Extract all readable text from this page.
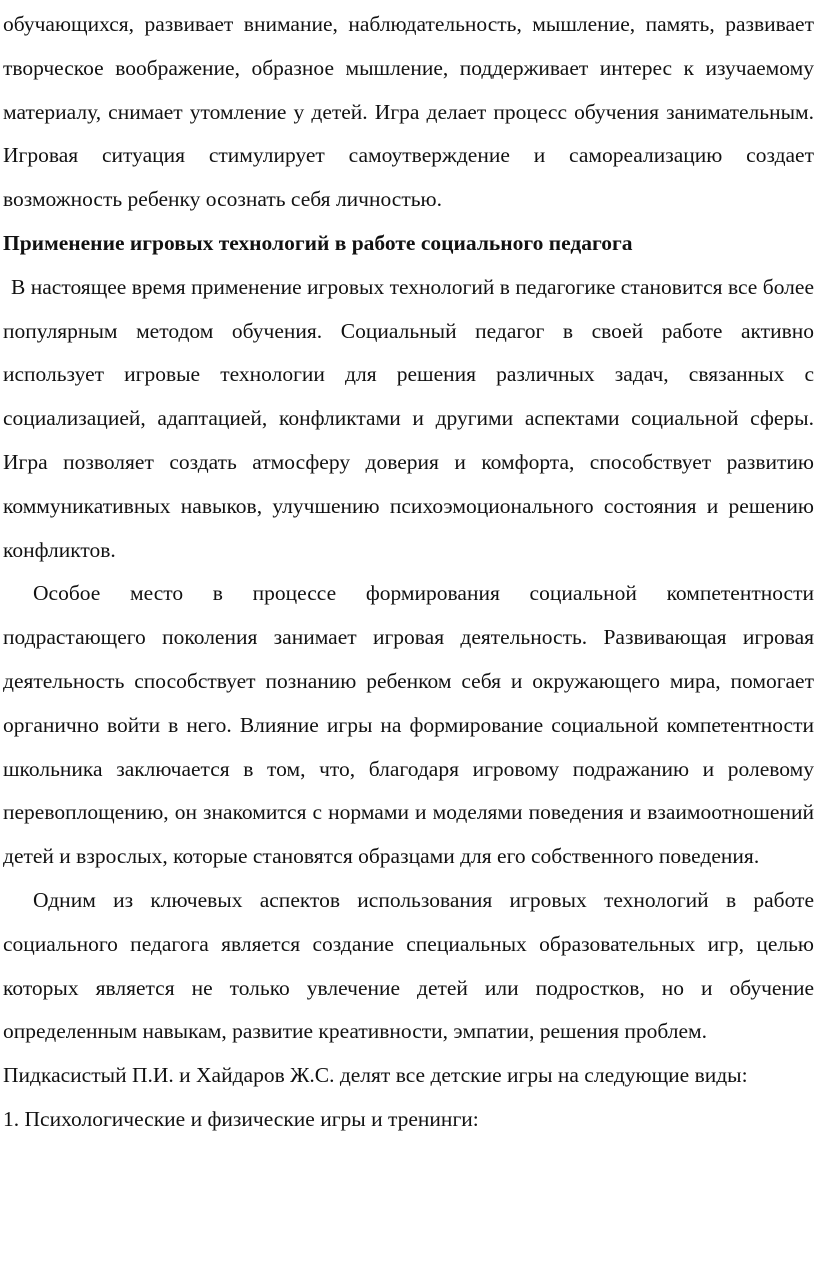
обучающихся, развивает внимание, наблюдательность, мышление, память, развивает творческое воображение, образное мышление, поддерживает интерес к изучаемому материалу, снимает утомление у детей. Игра делает процесс обучения занимательным. Игровая ситуация стимулирует самоутверждение и самореализацию создает возможность ребенку осознать себя личностью.

Применение игровых технологий в работе социального педагога

В настоящее время применение игровых технологий в педагогике становится все более популярным методом обучения. Социальный педагог в своей работе активно использует игровые технологии для решения различных задач, связанных с социализацией, адаптацией, конфликтами и другими аспектами социальной сферы. Игра позволяет создать атмосферу доверия и комфорта, способствует развитию коммуникативных навыков, улучшению психоэмоционального состояния и решению конфликтов.

Особое место в процессе формирования социальной компетентности подрастающего поколения занимает игровая деятельность. Развивающая игровая деятельность способствует познанию ребенком себя и окружающего мира, помогает органично войти в него. Влияние игры на формирование социальной компетентности школьника заключается в том, что, благодаря игровому подражанию и ролевому перевоплощению, он знакомится с нормами и моделями поведения и взаимоотношений детей и взрослых, которые становятся образцами для его собственного поведения.

Одним из ключевых аспектов использования игровых технологий в работе социального педагога является создание специальных образовательных игр, целью которых является не только увлечение детей или подростков, но и обучение определенным навыкам, развитие креативности, эмпатии, решения проблем.

Пидкасистый П.И. и Хайдаров Ж.С. делят все детские игры на следующие виды:

1. Психологические и физические игры и тренинги:
